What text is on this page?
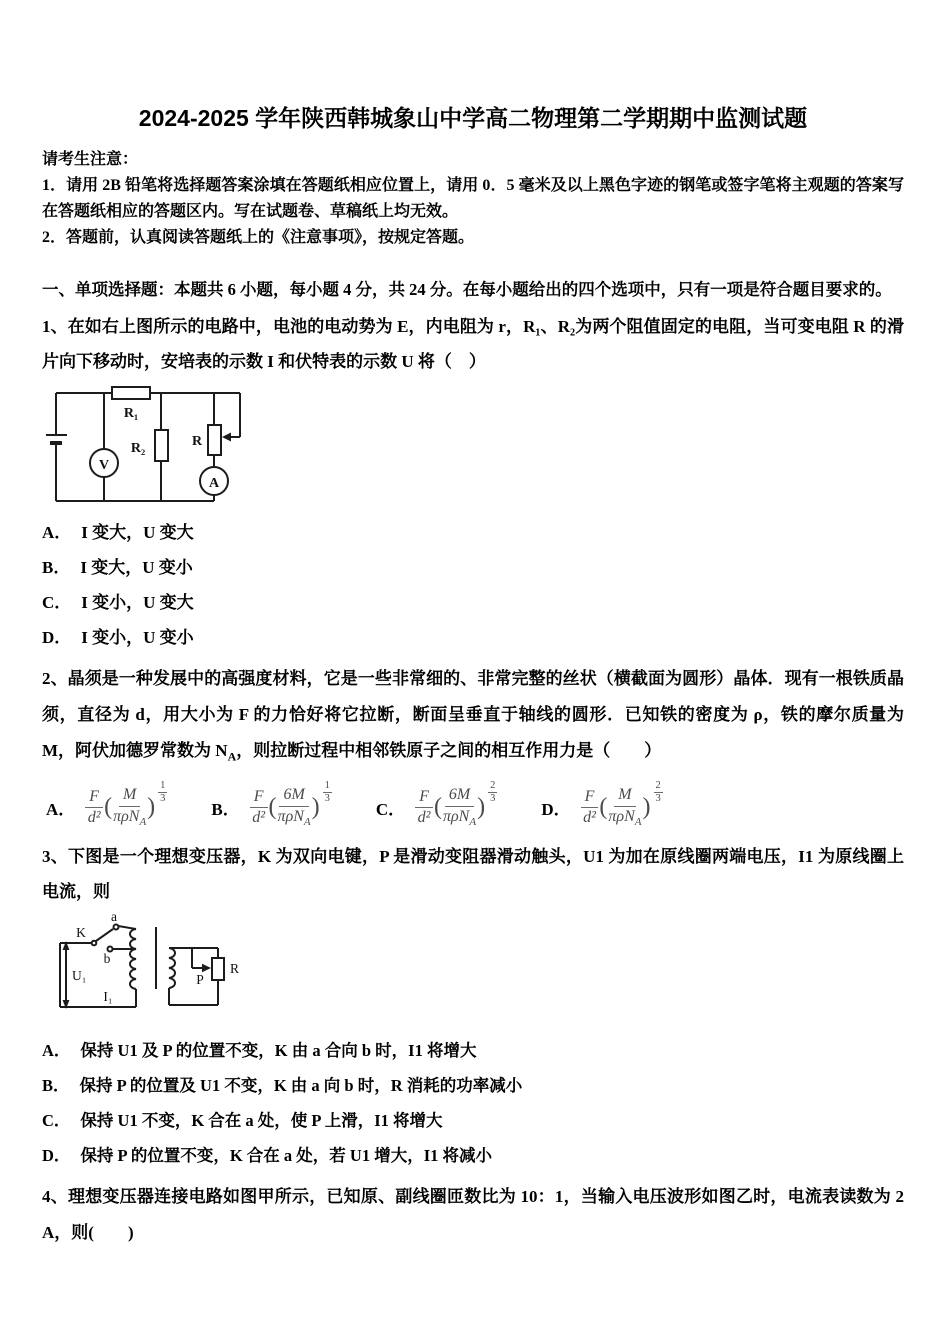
2024-2025 学年陕西韩城象山中学高二物理第二学期期中监测试题

请考生注意：

1．请用 2B 铅笔将选择题答案涂填在答题纸相应位置上，请用 0．5 毫米及以上黑色字迹的钢笔或签字笔将主观题的答案写在答题纸相应的答题区内。写在试题卷、草稿纸上均无效。

2．答题前，认真阅读答题纸上的《注意事项》，按规定答题。

一、单项选择题：本题共 6 小题，每小题 4 分，共 24 分。在每小题给出的四个选项中，只有一项是符合题目要求的。

1、在如右上图所示的电路中，电池的电动势为 E，内电阻为 r，R₁、R₂为两个阻值固定的电阻，当可变电阻 R 的滑片向下移动时，安培表的示数 I 和伏特表的示数 U 将（　）

V
R₁
R₂	R
A
A． I 变大，U 变大
B． I 变大，U 变小
C． I 变小，U 变大
D． I 变小，U 变小

2、晶须是一种发展中的高强度材料，它是一些非常细的、非常完整的丝状（横截面为圆形）晶体．现有一根铁质晶须，直径为 d，用大小为 F 的力恰好将它拉断，断面呈垂直于轴线的圆形．已知铁的密度为 ρ，铁的摩尔质量为 M，阿伏加德罗常数为 $N_A$，则拉断过程中相邻铁原子之间的相互作用力是（　　）

A． $\frac{F}{\text{d²}}$ ( $\frac{M}{\pi\rho N_A}$ )
1
3
B． $\frac{F}{\text{d²}}$ ( $\frac{6M}{\pi\rho N_A}$ )
1
3
C． $\frac{F}{\text{d²}}$ ( $\frac{6M}{\pi\rho N_A}$ )
2
3
D． $\frac{F}{\text{d²}}$ ( $\frac{M}{\pi\rho N_A}$ )
2
3

3、下图是一个理想变压器，K 为双向电键，P 是滑动变阻器滑动触头，U1 为加在原线圈两端电压，I1 为原线圈上电流，则

K
a
b
U₁
I₁
R
P
A． 保持 U1 及 P 的位置不变，K 由 a 合向 b 时，I1 将增大
B． 保持 P 的位置及 U1 不变，K 由 a 向 b 时，R 消耗的功率减小
C． 保持 U1 不变，K 合在 a 处，使 P 上滑，I1 将增大
D． 保持 P 的位置不变，K 合在 a 处，若 U1 增大，I1 将减小

4、理想变压器连接电路如图甲所示，已知原、副线圈匝数比为 10：1，当输入电压波形如图乙时，电流表读数为 2 A，则(　　)
